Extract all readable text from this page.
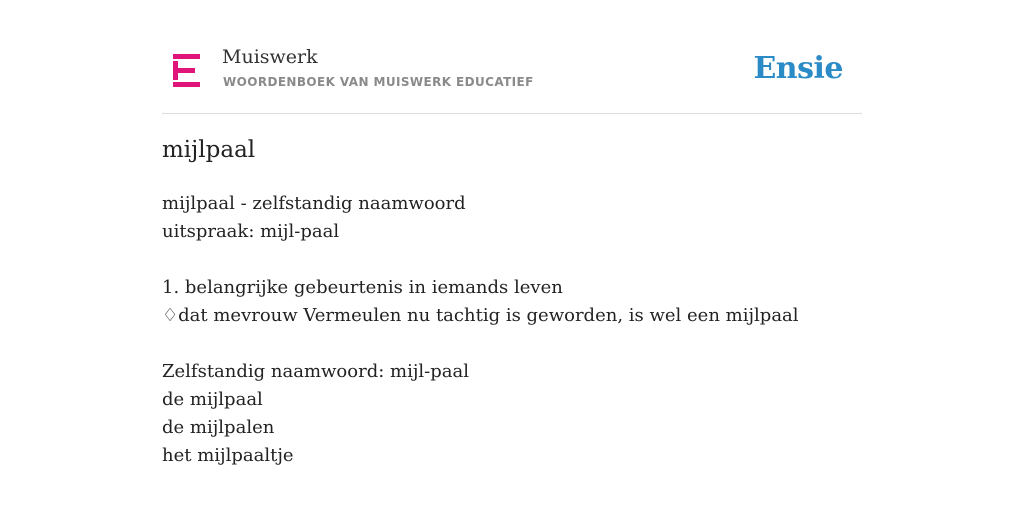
Muiswerk
WOORDENBOEK VAN MUISWERK EDUCATIEF	Ensie
mijlpaal
mijlpaal - zelfstandig naamwoord
uitspraak: mijl-paal
1. belangrijke gebeurtenis in iemands leven
♢dat mevrouw Vermeulen nu tachtig is geworden, is wel een mijlpaal
Zelfstandig naamwoord: mijl-paal
de mijlpaal
de mijlpalen
het mijlpaaltje
